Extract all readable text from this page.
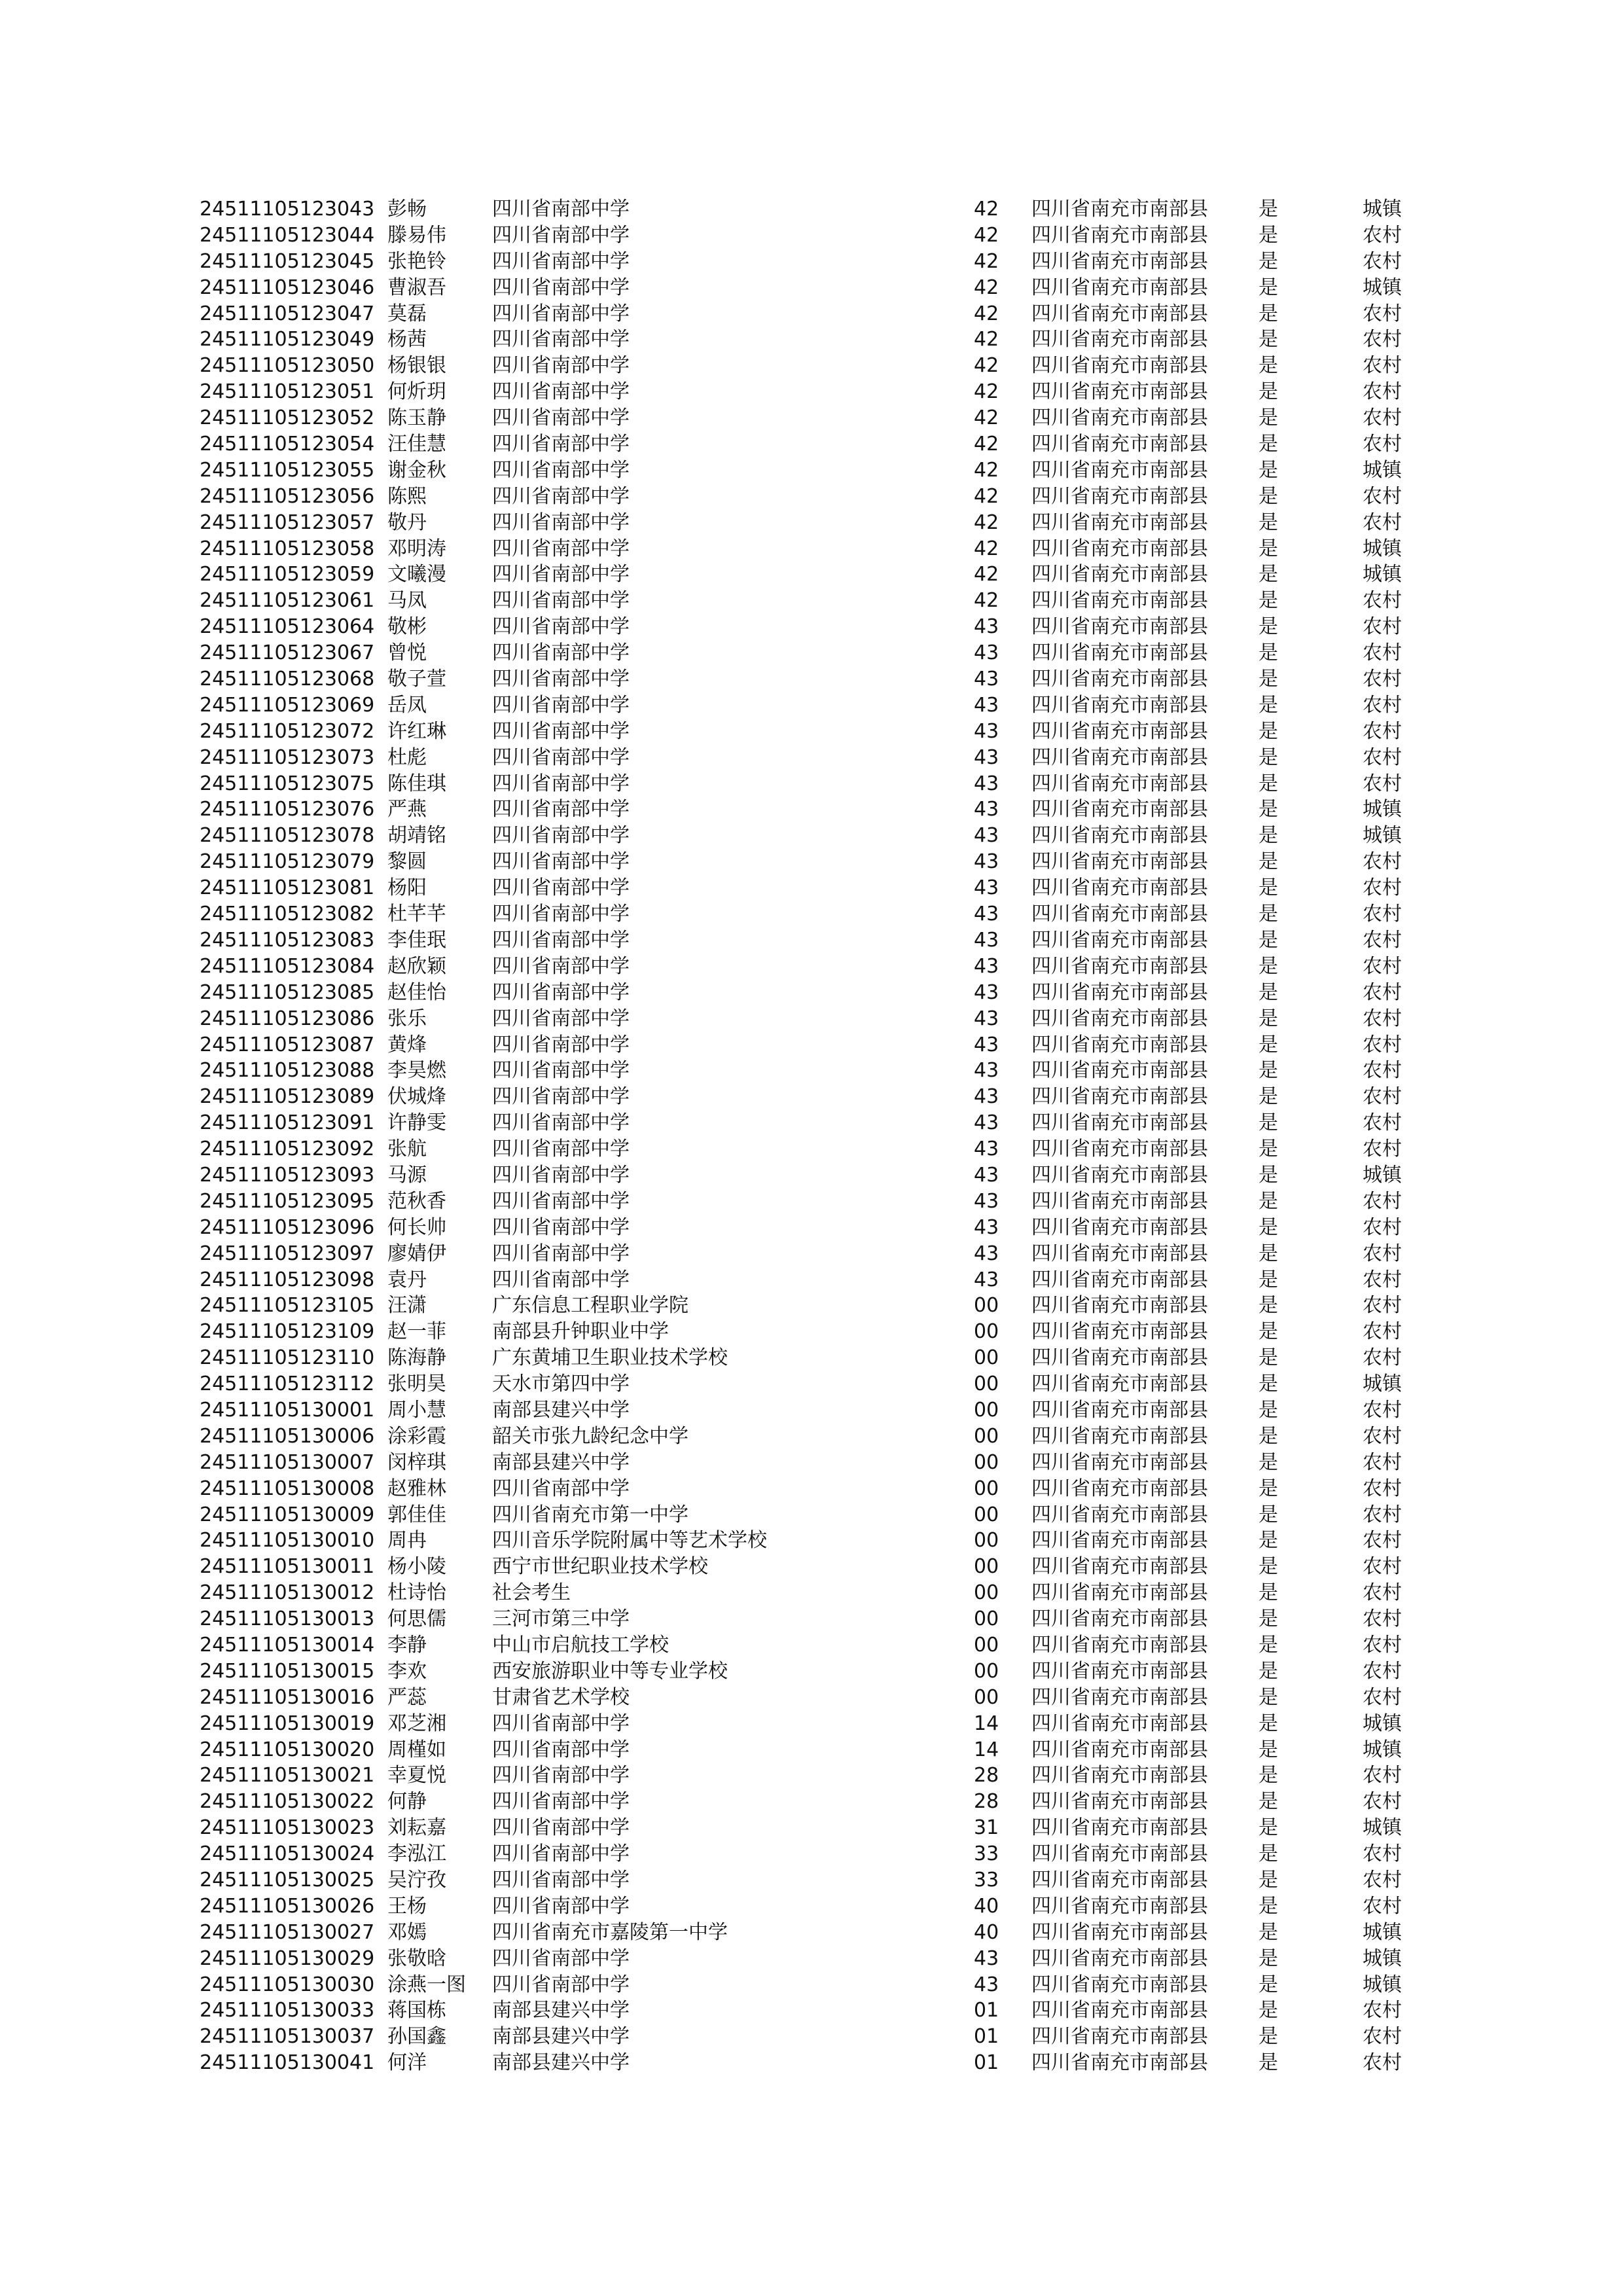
24511105123043 彭畅	四川省南部中学	42 四川省南充市南部县	是	城镇
24511105123044 滕易伟 四川省南部中学	42 四川省南充市南部县	是	农村
24511105123045 张艳铃 四川省南部中学	42 四川省南充市南部县	是	农村
24511105123046 曹淑吾 四川省南部中学	42 四川省南充市南部县	是	城镇
24511105123047 莫磊	四川省南部中学	42 四川省南充市南部县	是	农村
24511105123049 杨茜	四川省南部中学	42 四川省南充市南部县	是	农村
24511105123050 杨银银 四川省南部中学	42 四川省南充市南部县	是	农村
24511105123051 何炘玥 四川省南部中学	42 四川省南充市南部县	是	农村
24511105123052 陈玉静 四川省南部中学	42 四川省南充市南部县	是	农村
24511105123054 汪佳慧 四川省南部中学	42 四川省南充市南部县	是	农村
24511105123055 谢金秋 四川省南部中学	42 四川省南充市南部县	是	城镇
24511105123056 陈熙	四川省南部中学	42 四川省南充市南部县	是	农村
24511105123057 敬丹	四川省南部中学	42 四川省南充市南部县	是	农村
24511105123058 邓明涛 四川省南部中学	42 四川省南充市南部县	是	城镇
24511105123059 文曦漫 四川省南部中学	42 四川省南充市南部县	是	城镇
24511105123061 马凤	四川省南部中学	42 四川省南充市南部县	是	农村
24511105123064 敬彬	四川省南部中学	43 四川省南充市南部县	是	农村
24511105123067 曾悦	四川省南部中学	43 四川省南充市南部县	是	农村
24511105123068 敬子萱 四川省南部中学	43 四川省南充市南部县	是	农村
24511105123069 岳凤	四川省南部中学	43 四川省南充市南部县	是	农村
24511105123072 许红琳 四川省南部中学	43 四川省南充市南部县	是	农村
24511105123073 杜彪	四川省南部中学	43 四川省南充市南部县	是	农村
24511105123075 陈佳琪 四川省南部中学	43 四川省南充市南部县	是	农村
24511105123076 严燕	四川省南部中学	43 四川省南充市南部县	是	城镇
24511105123078 胡靖铭 四川省南部中学	43 四川省南充市南部县	是	城镇
24511105123079 黎圆	四川省南部中学	43 四川省南充市南部县	是	农村
24511105123081 杨阳	四川省南部中学	43 四川省南充市南部县	是	农村
24511105123082 杜芊芊 四川省南部中学	43 四川省南充市南部县	是	农村
24511105123083 李佳珉 四川省南部中学	43 四川省南充市南部县	是	农村
24511105123084 赵欣颖 四川省南部中学	43 四川省南充市南部县	是	农村
24511105123085 赵佳怡 四川省南部中学	43 四川省南充市南部县	是	农村
24511105123086 张乐	四川省南部中学	43 四川省南充市南部县	是	农村
24511105123087 黄烽	四川省南部中学	43 四川省南充市南部县	是	农村
24511105123088 李昊燃 四川省南部中学	43 四川省南充市南部县	是	农村
24511105123089 伏城烽 四川省南部中学	43 四川省南充市南部县	是	农村
24511105123091 许静雯 四川省南部中学	43 四川省南充市南部县	是	农村
24511105123092 张航	四川省南部中学	43 四川省南充市南部县	是	农村
24511105123093 马源	四川省南部中学	43 四川省南充市南部县	是	城镇
24511105123095 范秋香 四川省南部中学	43 四川省南充市南部县	是	农村
24511105123096 何长帅 四川省南部中学	43 四川省南充市南部县	是	农村
24511105123097 廖婧伊 四川省南部中学	43 四川省南充市南部县	是	农村
24511105123098 袁丹	四川省南部中学	43 四川省南充市南部县	是	农村
24511105123105 汪潇	广东信息工程职业学院	00 四川省南充市南部县	是	农村
24511105123109 赵一菲 南部县升钟职业中学	00 四川省南充市南部县	是	农村
24511105123110 陈海静 广东黄埔卫生职业技术学校	00 四川省南充市南部县	是	农村
24511105123112 张明昊 天水市第四中学	00 四川省南充市南部县	是	城镇
24511105130001 周小慧 南部县建兴中学	00 四川省南充市南部县	是	农村
24511105130006 涂彩霞 韶关市张九龄纪念中学	00 四川省南充市南部县	是	农村
24511105130007 闵梓琪 南部县建兴中学	00 四川省南充市南部县	是	农村
24511105130008 赵雅林 四川省南部中学	00 四川省南充市南部县	是	农村
24511105130009 郭佳佳 四川省南充市第一中学	00 四川省南充市南部县	是	农村
24511105130010 周冉	四川音乐学院附属中等艺术学校	00 四川省南充市南部县	是	农村
24511105130011 杨小陵 西宁市世纪职业技术学校	00 四川省南充市南部县	是	农村
24511105130012 杜诗怡 社会考生	00 四川省南充市南部县	是	农村
24511105130013 何思儒 三河市第三中学	00 四川省南充市南部县	是	农村
24511105130014 李静	中山市启航技工学校	00 四川省南充市南部县	是	农村
24511105130015 李欢	西安旅游职业中等专业学校	00 四川省南充市南部县	是	农村
24511105130016 严蕊	甘肃省艺术学校	00 四川省南充市南部县	是	农村
24511105130019 邓芝湘 四川省南部中学	14 四川省南充市南部县	是	城镇
24511105130020 周槿如 四川省南部中学	14 四川省南充市南部县	是	城镇
24511105130021 幸夏悦 四川省南部中学	28 四川省南充市南部县	是	农村
24511105130022 何静	四川省南部中学	28 四川省南充市南部县	是	农村
24511105130023 刘耘嘉 四川省南部中学	31 四川省南充市南部县	是	城镇
24511105130024 李泓江 四川省南部中学	33 四川省南充市南部县	是	农村
24511105130025 吴泞孜 四川省南部中学	33 四川省南充市南部县	是	农村
24511105130026 王杨	四川省南部中学	40 四川省南充市南部县	是	农村
24511105130027 邓嫣	四川省南充市嘉陵第一中学	40 四川省南充市南部县	是	城镇
24511105130029 张敬晗 四川省南部中学	43 四川省南充市南部县	是	城镇
24511105130030 涂燕一图 四川省南部中学	43 四川省南充市南部县	是	城镇
24511105130033 蒋国栋 南部县建兴中学	01 四川省南充市南部县	是	农村
24511105130037 孙国鑫 南部县建兴中学	01 四川省南充市南部县	是	农村
24511105130041 何洋	南部县建兴中学	01 四川省南充市南部县	是	农村
